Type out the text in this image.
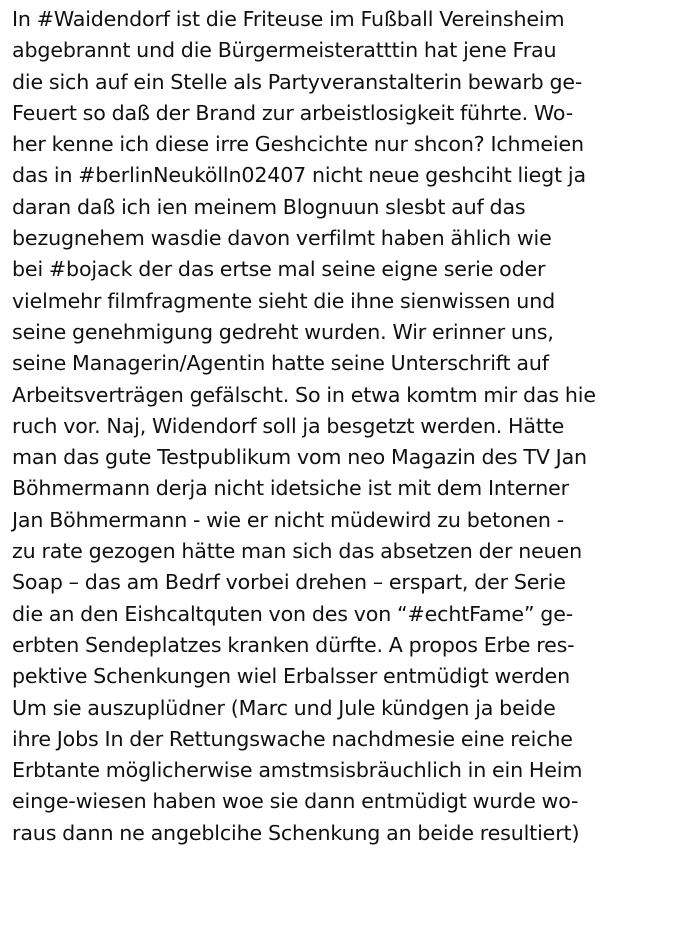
In #Waidendorf ist die Friteuse im Fußball Vereinsheim
abgebrannt und die Bürgermeisteratttin hat jene Frau
die sich auf ein Stelle als Partyveranstalterin bewarb ge-
Feuert so daß der Brand zur arbeistlosigkeit führte. Wo-
her kenne ich diese irre Geshcichte nur shcon? Ichmeien
das in #berlinNeukölln02407 nicht neue geshciht liegt ja
daran daß ich ien meinem Blognuun slesbt auf das
bezugnehem wasdie davon verfilmt haben ählich wie
bei #bojack der das ertse mal seine eigne serie oder
vielmehr filmfragmente sieht die ihne sienwissen und
seine genehmigung gedreht wurden. Wir erinner uns,
seine Managerin/Agentin hatte seine Unterschrift auf
Arbeitsverträgen gefälscht. So in etwa komtm mir das hie
ruch vor. Naj, Widendorf soll ja besgetzt werden. Hätte
man das gute Testpublikum vom neo Magazin des TV Jan
Böhmermann derja nicht idetsiche ist mit dem Interner
Jan Böhmermann - wie er nicht müdewird zu betonen -
zu rate gezogen hätte man sich das absetzen der neuen
Soap – das am Bedrf vorbei drehen – erspart, der Serie
die an den Eishcaltquten von des von “#echtFame” ge-
erbten Sendeplatzes kranken dürfte. A propos Erbe res-
pektive Schenkungen wiel Erbalsser entmüdigt werden
Um sie auszuplüdner (Marc und Jule kündgen ja beide
ihre Jobs In der Rettungswache nachdmesie eine reiche
Erbtante möglicherwise amstmsisbräuchlich in ein Heim
einge-wiesen haben woe sie dann entmüdigt wurde wo-
raus dann ne angeblcihe Schenkung an beide resultiert)
